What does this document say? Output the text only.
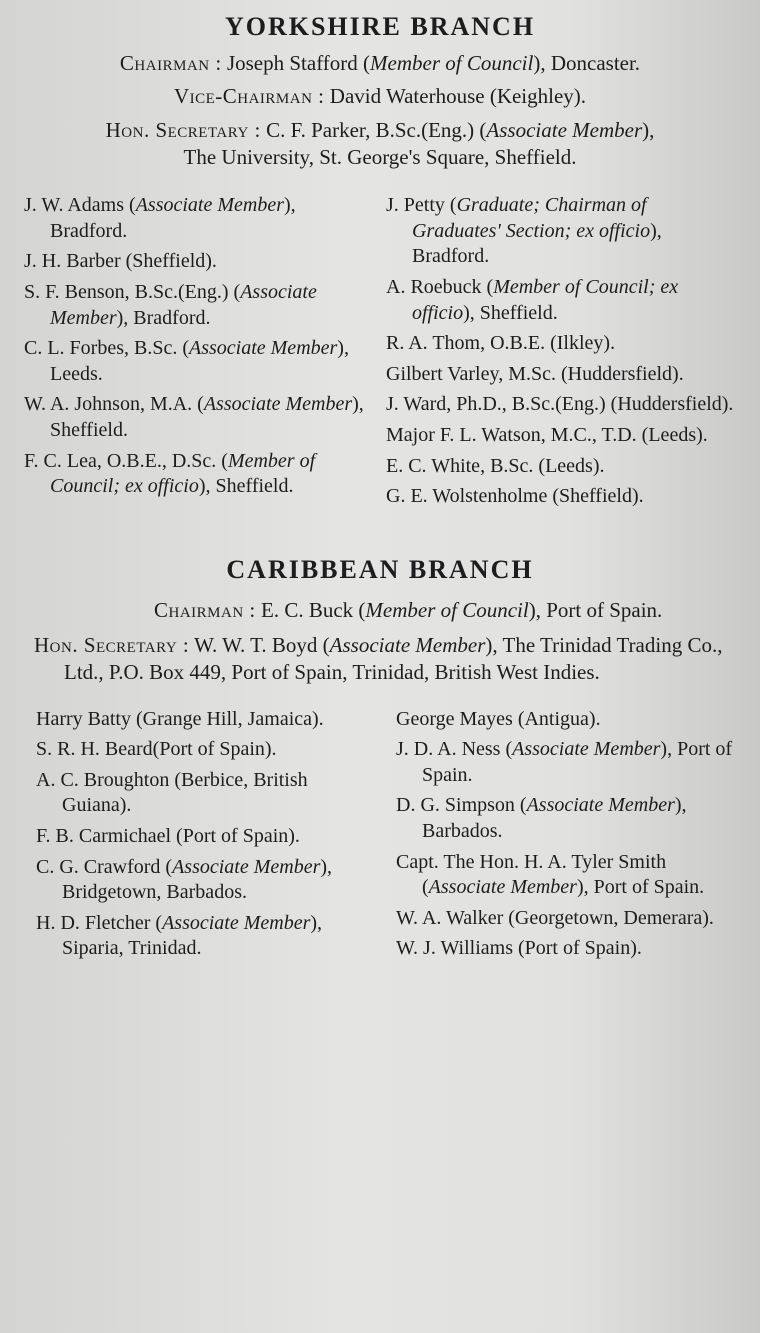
YORKSHIRE BRANCH

Chairman : Joseph Stafford (Member of Council), Doncaster.

Vice-Chairman : David Waterhouse (Keighley).

Hon. Secretary : C. F. Parker, B.Sc.(Eng.) (Associate Member),
The University, St. George's Square, Sheffield.

J. W. Adams (Associate Member), Bradford.

J. H. Barber (Sheffield).

S. F. Benson, B.Sc.(Eng.) (Associate Member), Bradford.

C. L. Forbes, B.Sc. (Associate Member), Leeds.

W. A. Johnson, M.A. (Associate Member), Sheffield.

F. C. Lea, O.B.E., D.Sc. (Member of Council; ex officio), Sheffield.

J. Petty (Graduate; Chairman of Graduates' Section; ex officio), Bradford.

A. Roebuck (Member of Council; ex officio), Sheffield.

R. A. Thom, O.B.E. (Ilkley).

Gilbert Varley, M.Sc. (Huddersfield).

J. Ward, Ph.D., B.Sc.(Eng.) (Huddersfield).

Major F. L. Watson, M.C., T.D. (Leeds).

E. C. White, B.Sc. (Leeds).

G. E. Wolstenholme (Sheffield).

CARIBBEAN BRANCH

Chairman : E. C. Buck (Member of Council), Port of Spain.

Hon. Secretary : W. W. T. Boyd (Associate Member), The Trinidad Trading Co., Ltd., P.O. Box 449, Port of Spain, Trinidad, British West Indies.

Harry Batty (Grange Hill, Jamaica).

S. R. H. Beard(Port of Spain).

A. C. Broughton (Berbice, British Guiana).

F. B. Carmichael (Port of Spain).

C. G. Crawford (Associate Member), Bridgetown, Barbados.

H. D. Fletcher (Associate Member), Siparia, Trinidad.

George Mayes (Antigua).

J. D. A. Ness (Associate Member), Port of Spain.

D. G. Simpson (Associate Member), Barbados.

Capt. The Hon. H. A. Tyler Smith (Associate Member), Port of Spain.

W. A. Walker (Georgetown, Demerara).

W. J. Williams (Port of Spain).
